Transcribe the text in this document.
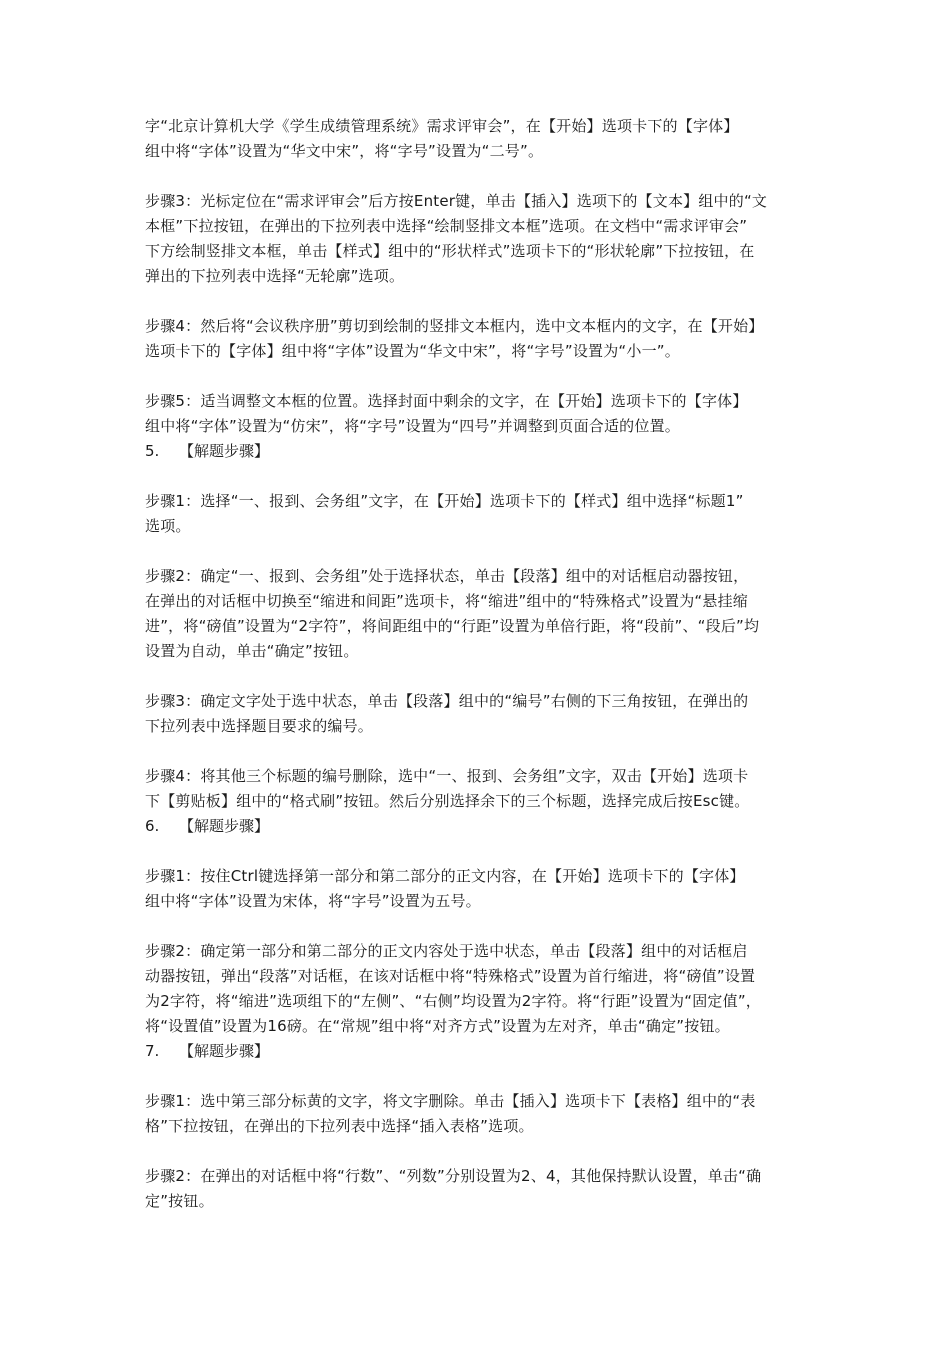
字“北京计算机大学《学生成绩管理系统》需求评审会”，在【开始】选项卡下的【字体】
组中将“字体”设置为“华文中宋”，将“字号”设置为“二号”。
步骤3：光标定位在“需求评审会”后方按Enter键，单击【插入】选项下的【文本】组中的“文
本框”下拉按钮，在弹出的下拉列表中选择“绘制竖排文本框”选项。在文档中“需求评审会”
下方绘制竖排文本框，单击【样式】组中的“形状样式”选项卡下的“形状轮廓”下拉按钮，在
弹出的下拉列表中选择“无轮廓”选项。
步骤4：然后将“会议秩序册”剪切到绘制的竖排文本框内，选中文本框内的文字，在【开始】
选项卡下的【字体】组中将“字体”设置为“华文中宋”，将“字号”设置为“小一”。
步骤5：适当调整文本框的位置。选择封面中剩余的文字，在【开始】选项卡下的【字体】
组中将“字体”设置为“仿宋”，将“字号”设置为“四号”并调整到页面合适的位置。
5. 【解题步骤】
步骤1：选择“一、报到、会务组”文字，在【开始】选项卡下的【样式】组中选择“标题1”
选项。
步骤2：确定“一、报到、会务组”处于选择状态，单击【段落】组中的对话框启动器按钮，
在弹出的对话框中切换至“缩进和间距”选项卡，将“缩进”组中的“特殊格式”设置为“悬挂缩
进”，将“磅值”设置为“2字符”，将间距组中的“行距”设置为单倍行距，将“段前”、“段后”均
设置为自动，单击“确定”按钮。
步骤3：确定文字处于选中状态，单击【段落】组中的“编号”右侧的下三角按钮，在弹出的
下拉列表中选择题目要求的编号。
步骤4：将其他三个标题的编号删除，选中“一、报到、会务组”文字，双击【开始】选项卡
下【剪贴板】组中的“格式刷”按钮。然后分别选择余下的三个标题，选择完成后按Esc键。
6. 【解题步骤】
步骤1：按住Ctrl键选择第一部分和第二部分的正文内容，在【开始】选项卡下的【字体】
组中将“字体”设置为宋体，将“字号”设置为五号。
步骤2：确定第一部分和第二部分的正文内容处于选中状态，单击【段落】组中的对话框启
动器按钮，弹出“段落”对话框，在该对话框中将“特殊格式”设置为首行缩进，将“磅值”设置
为2字符，将“缩进”选项组下的“左侧”、“右侧”均设置为2字符。将“行距”设置为“固定值”，
将“设置值”设置为16磅。在“常规”组中将“对齐方式”设置为左对齐，单击“确定”按钮。
7. 【解题步骤】
步骤1：选中第三部分标黄的文字，将文字删除。单击【插入】选项卡下【表格】组中的“表
格”下拉按钮，在弹出的下拉列表中选择“插入表格”选项。
步骤2：在弹出的对话框中将“行数”、“列数”分别设置为2、4，其他保持默认设置，单击“确
定”按钮。
